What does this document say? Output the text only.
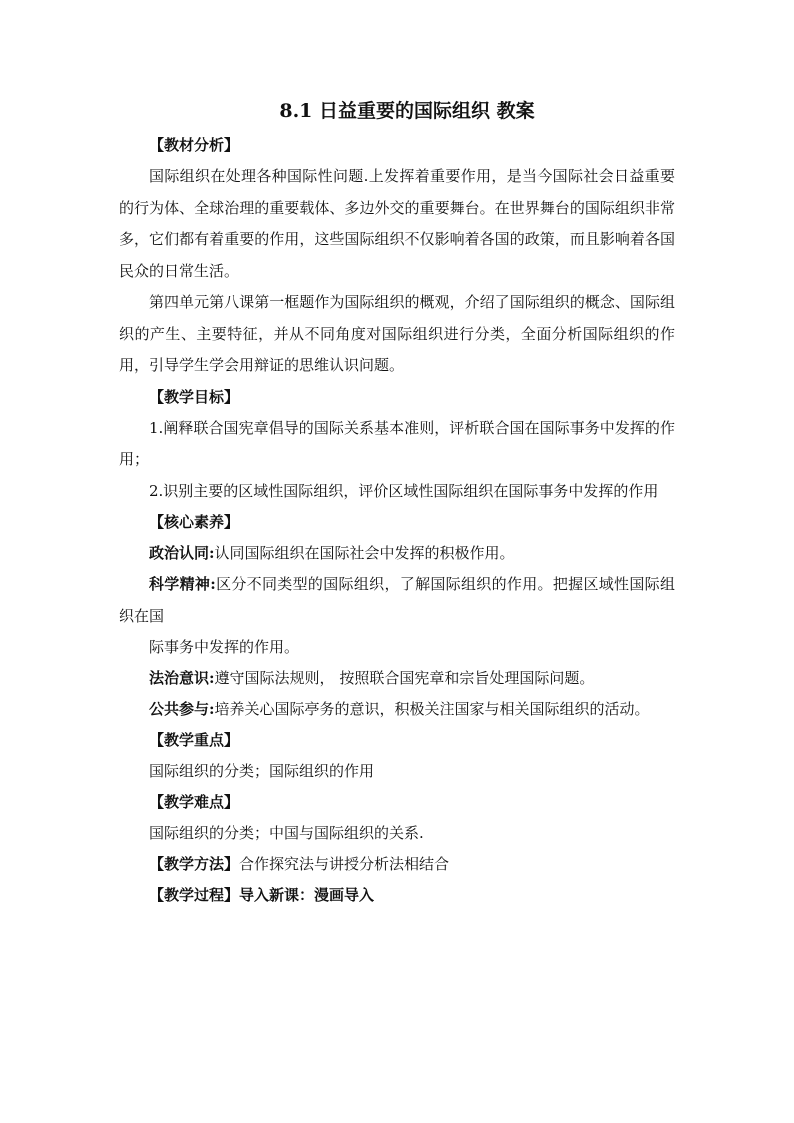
8.1 日益重要的国际组织 教案
【教材分析】

国际组织在处理各种国际性问题.上发挥着重要作用，是当今国际社会日益重要的行为体、全球治理的重要载体、多边外交的重要舞台。在世界舞台的国际组织非常多，它们都有着重要的作用，这些国际组织不仅影响着各国的政策，而且影响着各国民众的日常生活。

第四单元第八课第一框题作为国际组织的概观，介绍了国际组织的概念、国际组织的产生、主要特征，并从不同角度对国际组织进行分类，全面分析国际组织的作用，引导学生学会用辩证的思维认识问题。

【教学目标】

1.阐释联合国宪章倡导的国际关系基本准则，评析联合国在国际事务中发挥的作用；

2.识别主要的区域性国际组织，评价区域性国际组织在国际事务中发挥的作用

【核心素养】
政治认同:认同国际组织在国际社会中发挥的积极作用。

科学精神:区分不同类型的国际组织，了解国际组织的作用。把握区域性国际组织在国

际事务中发挥的作用。
法治意识:遵守国际法规则， 按照联合国宪章和宗旨处理国际问题。
公共参与:培养关心国际亭务的意识，积极关注国家与相关国际组织的活动。
【教学重点】
国际组织的分类；国际组织的作用
【教学难点】
国际组织的分类；中国与国际组织的关系.
【教学方法】合作探究法与讲授分析法相结合
【教学过程】导入新课：漫画导入
